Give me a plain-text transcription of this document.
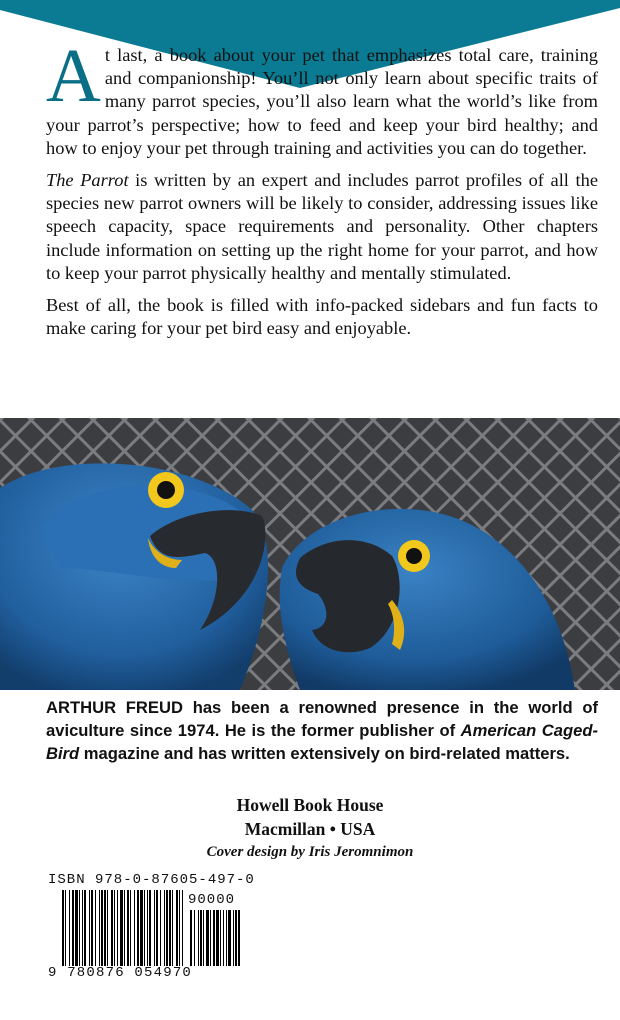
At last, a book about your pet that emphasizes total care, training and companionship! You’ll not only learn about specific traits of many parrot species, you’ll also learn what the world’s like from your parrot’s perspective; how to feed and keep your bird healthy; and how to enjoy your pet through training and activities you can do together.

The Parrot is written by an expert and includes parrot profiles of all the species new parrot owners will be likely to consider, addressing issues like speech capacity, space requirements and personality. Other chapters include information on setting up the right home for your parrot, and how to keep your parrot physically healthy and mentally stimulated.

Best of all, the book is filled with info-packed sidebars and fun facts to make caring for your pet bird easy and enjoyable.

ARTHUR FREUD has been a renowned presence in the world of aviculture since 1974. He is the former publisher of American Caged-Bird magazine and has written extensively on bird-related matters.
Howell Book House
Macmillan • USA
Cover design by Iris Jeromnimon
ISBN 978-0-87605-497-0
90000
9 780876 054970
